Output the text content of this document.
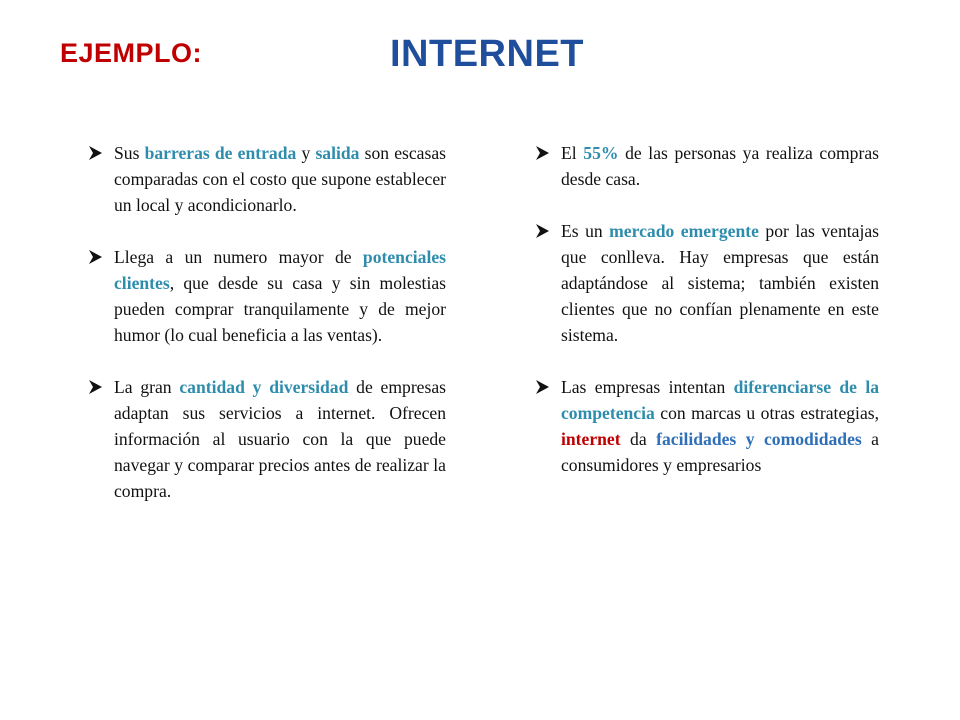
EJEMPLO:	INTERNET
Sus barreras de entrada y salida son escasas comparadas con el costo que supone establecer un local y acondicionarlo.
Llega a un numero mayor de potenciales clientes, que desde su casa y sin molestias pueden comprar tranquilamente y de mejor humor (lo cual beneficia a las ventas).
La gran cantidad y diversidad de empresas adaptan sus servicios a internet. Ofrecen información al usuario con la que puede navegar y comparar precios antes de realizar la compra.
El 55% de las personas ya realiza compras desde casa.
Es un mercado emergente por las ventajas que conlleva. Hay empresas que están adaptándose al sistema; también existen clientes que no confían plenamente en este sistema.
Las empresas intentan diferenciarse de la competencia con marcas u otras estrategias, internet da facilidades y comodidades a consumidores y empresarios
